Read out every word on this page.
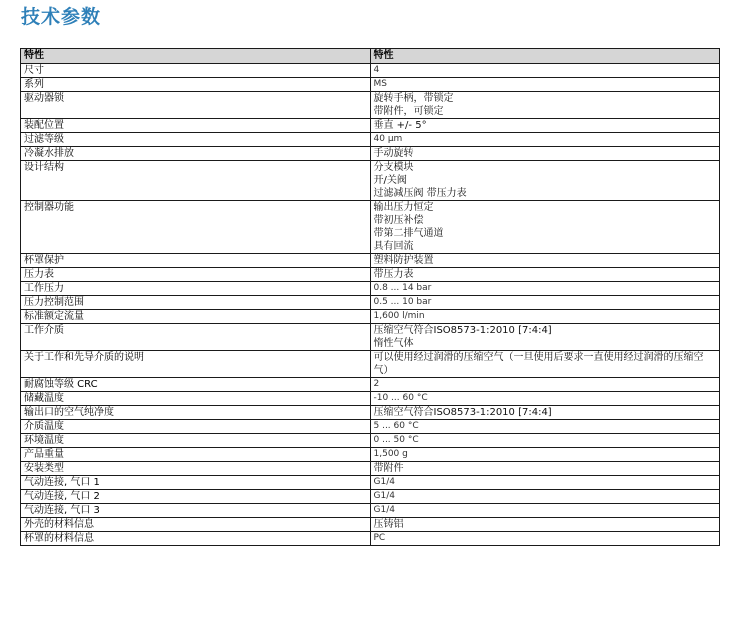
技术参数
特性	特性
尺寸	4

系列	MS

驱动器锁	旋转手柄，带锁定
带附件，可锁定

装配位置	垂直 +/- 5°

过滤等级	40 µm

冷凝水排放	手动旋转

设计结构	分支模块
开/关阀
过滤减压阀 带压力表

控制器功能	输出压力恒定
带初压补偿
带第二排气通道
具有回流

杯罩保护	塑料防护装置

压力表	带压力表

工作压力	0.8 ... 14 bar

压力控制范围	0.5 ... 10 bar

标准额定流量	1,600 l/min

工作介质	压缩空气符合ISO8573-1:2010 [7:4:4]
惰性气体

关于工作和先导介质的说明	可以使用经过润滑的压缩空气（一旦使用后要求一直使用经过润滑的压缩空气）

耐腐蚀等级 CRC	2

储藏温度	-10 ... 60 °C

输出口的空气纯净度	压缩空气符合ISO8573-1:2010 [7:4:4]

介质温度	5 ... 60 °C

环境温度	0 ... 50 °C

产品重量	1,500 g

安装类型	带附件

气动连接, 气口 1	G1/4

气动连接, 气口 2	G1/4

气动连接, 气口 3	G1/4

外壳的材料信息	压铸铝

杯罩的材料信息	PC
